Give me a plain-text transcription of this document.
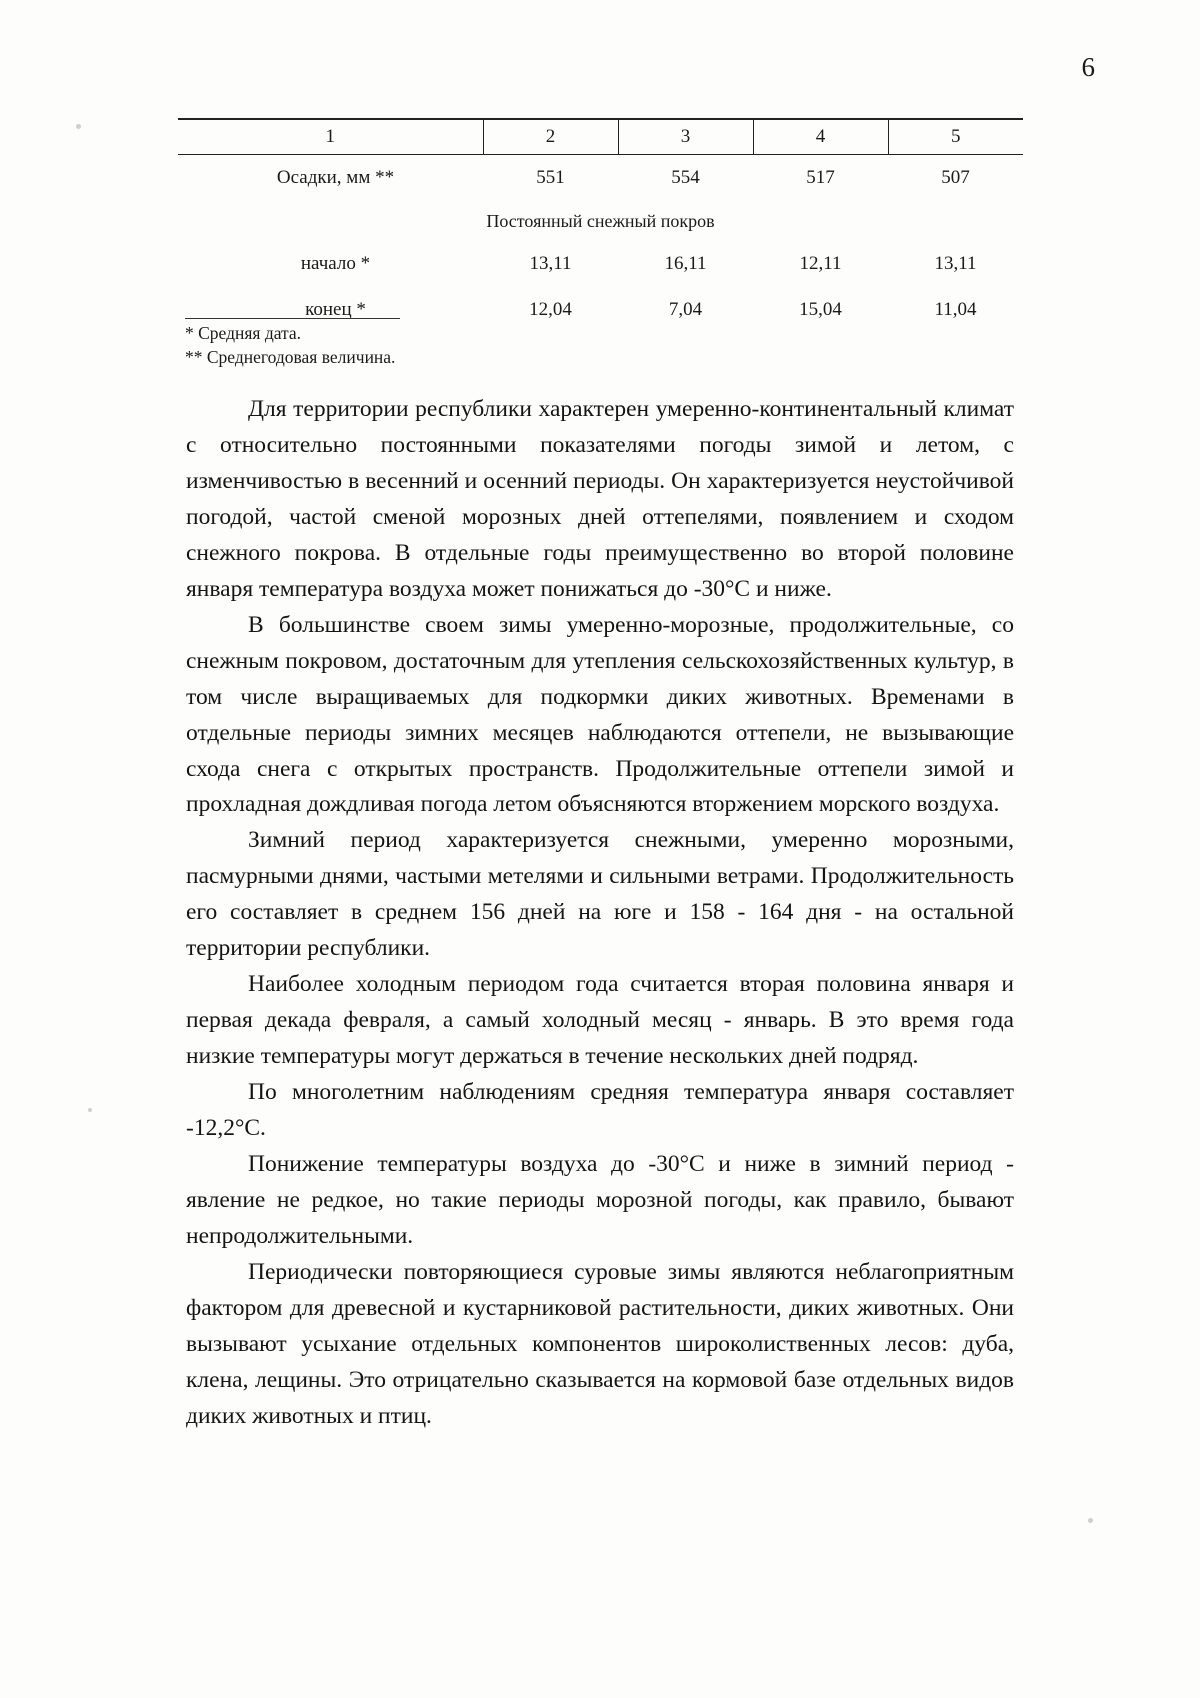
6

1	2	3	4	5
Осадки, мм **	551	554	517	507
Постоянный снежный покров				
начало *	13,11	16,11	12,11	13,11
конец *	12,04	7,04	15,04	11,04
* Средняя дата.
** Среднегодовая величина.

Для территории республики характерен умеренно-континентальный климат с относительно постоянными показателями погоды зимой и летом, с изменчивостью в весенний и осенний периоды. Он характеризуется неустойчивой погодой, частой сменой морозных дней оттепелями, появлением и сходом снежного покрова. В отдельные годы преимущественно во второй половине января температура воздуха может понижаться до -30°С и ниже.

В большинстве своем зимы умеренно-морозные, продолжительные, со снежным покровом, достаточным для утепления сельскохозяйственных культур, в том числе выращиваемых для подкормки диких животных. Временами в отдельные периоды зимних месяцев наблюдаются оттепели, не вызывающие схода снега с открытых пространств. Продолжительные оттепели зимой и прохладная дождливая погода летом объясняются вторжением морского воздуха.

Зимний период характеризуется снежными, умеренно морозными, пасмурными днями, частыми метелями и сильными ветрами. Продолжительность его составляет в среднем 156 дней на юге и 158 - 164 дня - на остальной территории республики.

Наиболее холодным периодом года считается вторая половина января и первая декада февраля, а самый холодный месяц - январь. В это время года низкие температуры могут держаться в течение нескольких дней подряд.

По многолетним наблюдениям средняя температура января составляет -12,2°С.

Понижение температуры воздуха до -30°С и ниже в зимний период - явление не редкое, но такие периоды морозной погоды, как правило, бывают непродолжительными.

Периодически повторяющиеся суровые зимы являются неблагоприятным фактором для древесной и кустарниковой растительности, диких животных. Они вызывают усыхание отдельных компонентов широколиственных лесов: дуба, клена, лещины. Это отрицательно сказывается на кормовой базе отдельных видов диких животных и птиц.
